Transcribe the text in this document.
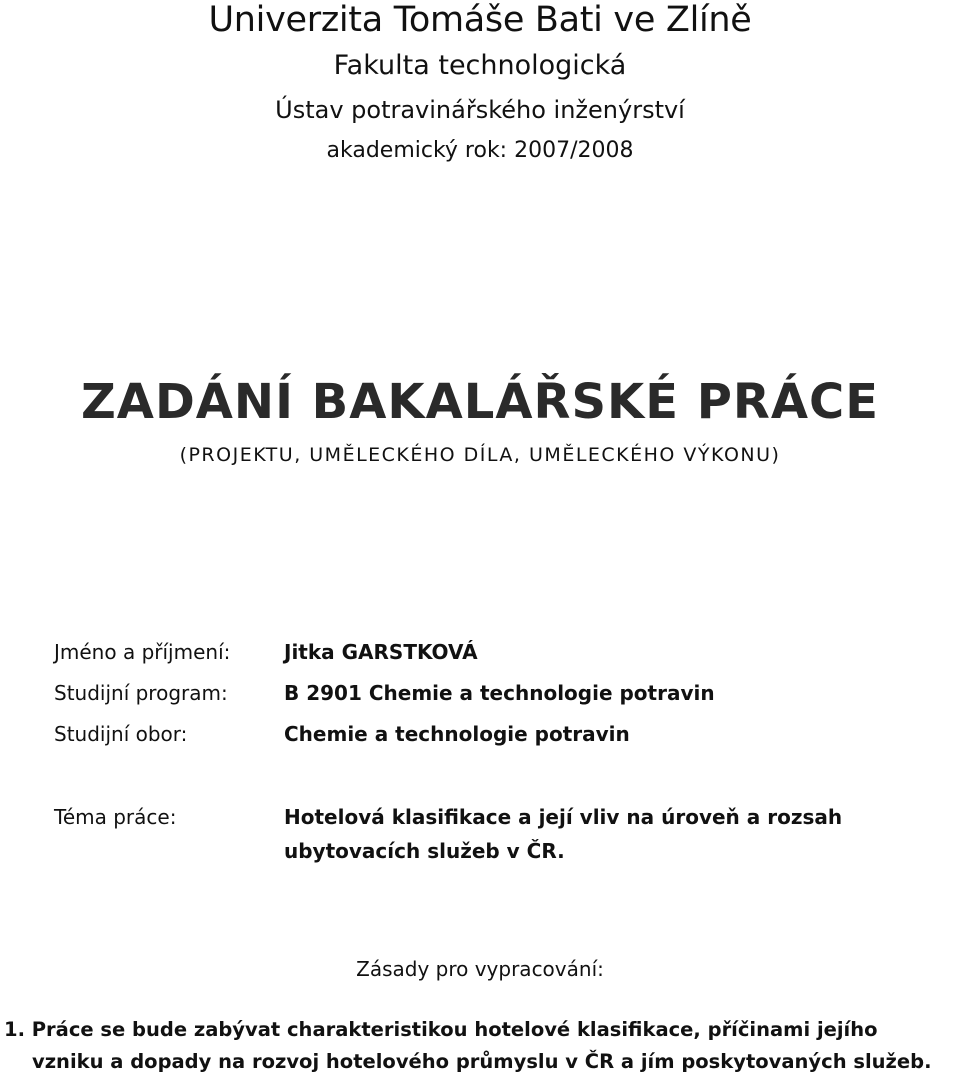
Univerzita Tomáše Bati ve Zlíně
Fakulta technologická
Ústav potravinářského inženýrství
akademický rok: 2007/2008
ZADÁNÍ BAKALÁŘSKÉ PRÁCE
(PROJEKTU, UMĚLECKÉHO DÍLA, UMĚLECKÉHO VÝKONU)
Jméno a příjmení:	Jitka GARSTKOVÁ
Studijní program:	B 2901 Chemie a technologie potravin
Studijní obor:	Chemie a technologie potravin
Téma práce:	Hotelová klasifikace a její vliv na úroveň a rozsah
ubytovacích služeb v ČR.
Zásady pro vypracování:
1. Práce se bude zabývat charakteristikou hotelové klasifikace, příčinami jejího
vzniku a dopady na rozvoj hotelového průmyslu v ČR a jím poskytovaných služeb.
